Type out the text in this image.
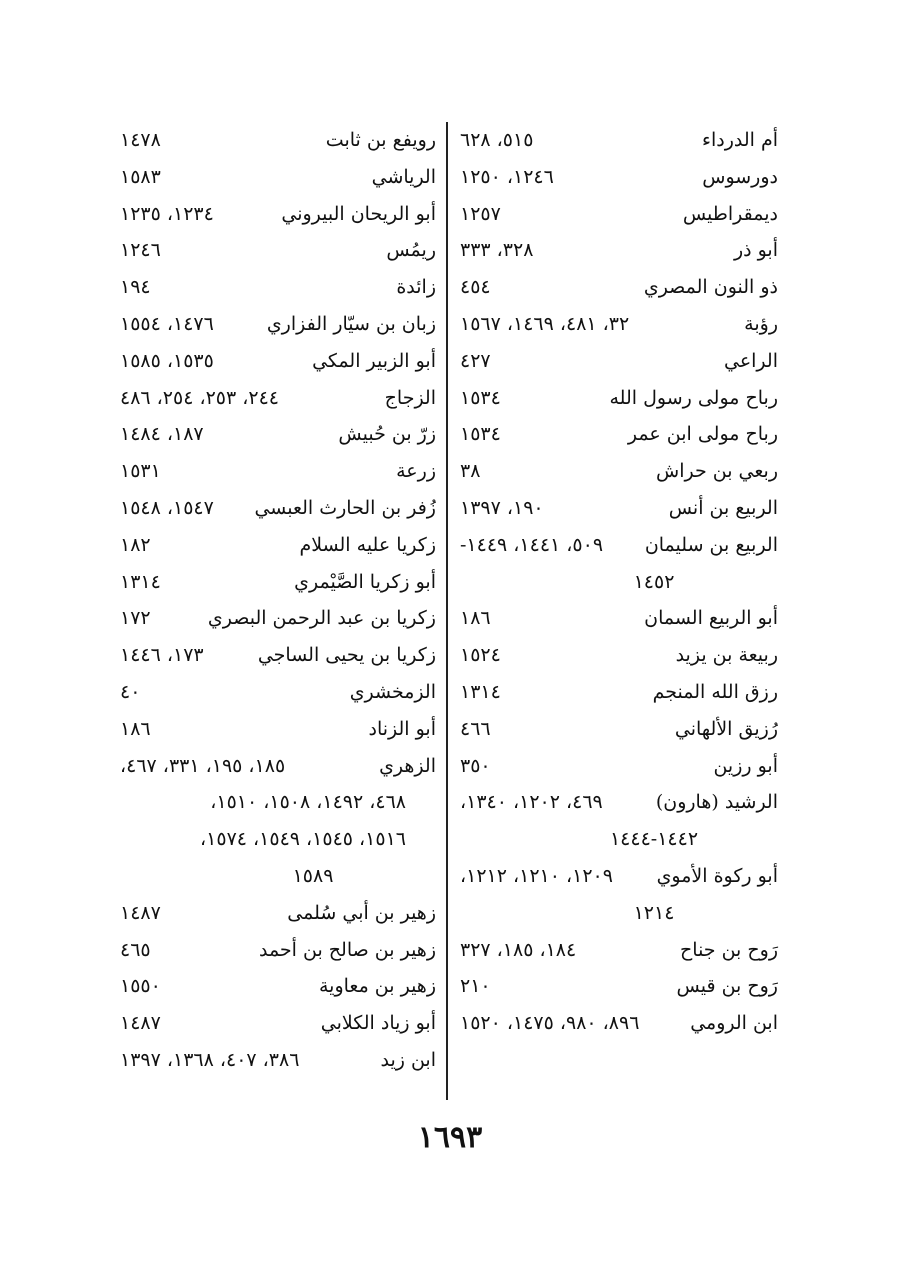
أم الدرداء
٥١٥، ٦٢٨
دورسوس
١٢٤٦، ١٢٥٠
ديمقراطيس
١٢٥٧
أبو ذر
٣٢٨، ٣٣٣
ذو النون المصري
٤٥٤
رؤبة
٣٢، ٤٨١، ١٤٦٩، ١٥٦٧
الراعي
٤٢٧
رباح مولى رسول الله
١٥٣٤
رباح مولى ابن عمر
١٥٣٤
ربعي بن حراش
٣٨
الربيع بن أنس
١٩٠، ١٣٩٧
الربيع بن سليمان
٥٠٩، ١٤٤١، ١٤٤٩-
١٤٥٢
أبو الربيع السمان
١٨٦
ربيعة بن يزيد
١٥٢٤
رزق الله المنجم
١٣١٤
رُزيق الألهاني
٤٦٦
أبو رزين
٣٥٠
الرشيد (هارون)
٤٦٩، ١٢٠٢، ١٣٤٠،
١٤٤٢-١٤٤٤
أبو ركوة الأموي
١٢٠٩، ١٢١٠، ١٢١٢،
١٢١٤
رَوح بن جناح
١٨٤، ١٨٥، ٣٢٧
رَوح بن قيس
٢١٠
ابن الرومي
٨٩٦، ٩٨٠، ١٤٧٥، ١٥٢٠
رويفع بن ثابت
١٤٧٨
الرياشي
١٥٨٣
أبو الريحان البيروني
١٢٣٤، ١٢٣٥
ريمُس
١٢٤٦
زائدة
١٩٤
زبان بن سيّار الفزاري
١٤٧٦، ١٥٥٤
أبو الزبير المكي
١٥٣٥، ١٥٨٥
الزجاج
٢٤٤، ٢٥٣، ٢٥٤، ٤٨٦
زرّ بن حُبيش
١٨٧، ١٤٨٤
زرعة
١٥٣١
زُفر بن الحارث العبسي
١٥٤٧، ١٥٤٨
زكريا عليه السلام
١٨٢
أبو زكريا الصَّيْمري
١٣١٤
زكريا بن عبد الرحمن البصري
١٧٢
زكريا بن يحيى الساجي
١٧٣، ١٤٤٦
الزمخشري
٤٠
أبو الزناد
١٨٦
الزهري
١٨٥، ١٩٥، ٣٣١، ٤٦٧،
٤٦٨، ١٤٩٢، ١٥٠٨، ١٥١٠،
١٥١٦، ١٥٤٥، ١٥٤٩، ١٥٧٤،
١٥٨٩
زهير بن أبي سُلمى
١٤٨٧
زهير بن صالح بن أحمد
٤٦٥
زهير بن معاوية
١٥٥٠
أبو زياد الكلابي
١٤٨٧
ابن زيد
٣٨٦، ٤٠٧، ١٣٦٨، ١٣٩٧
١٦٩٣
